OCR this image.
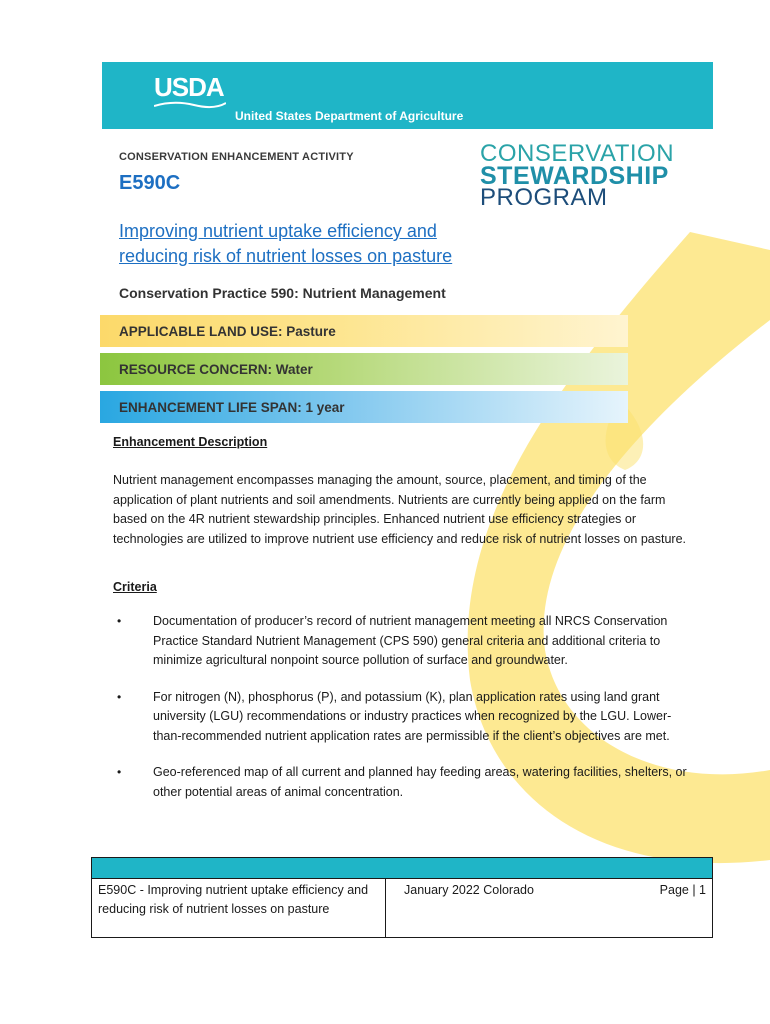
USDA
United States Department of Agriculture
CONSERVATION ENHANCEMENT ACTIVITY
E590C
CONSERVATION
STEWARDSHIP
PROGRAM
Improving nutrient uptake efficiency and reducing risk of nutrient losses on pasture
Conservation Practice 590: Nutrient Management
APPLICABLE LAND USE: Pasture
RESOURCE CONCERN: Water
ENHANCEMENT LIFE SPAN: 1 year
Enhancement Description
Nutrient management encompasses managing the amount, source, placement, and timing of the application of plant nutrients and soil amendments. Nutrients are currently being applied on the farm based on the 4R nutrient stewardship principles. Enhanced nutrient use efficiency strategies or technologies are utilized to improve nutrient use efficiency and reduce risk of nutrient losses on pasture.
Criteria
•	Documentation of producer’s record of nutrient management meeting all NRCS Conservation Practice Standard Nutrient Management (CPS 590) general criteria and additional criteria to minimize agricultural nonpoint source pollution of surface and groundwater.
•	For nitrogen (N), phosphorus (P), and potassium (K), plan application rates using land grant university (LGU) recommendations or industry practices when recognized by the LGU. Lower-than-recommended nutrient application rates are permissible if the client’s objectives are met.
•	Geo-referenced map of all current and planned hay feeding areas, watering facilities, shelters, or other potential areas of animal concentration.
E590C - Improving nutrient uptake efficiency and reducing risk of nutrient losses on pasture
January 2022 Colorado	Page | 1
